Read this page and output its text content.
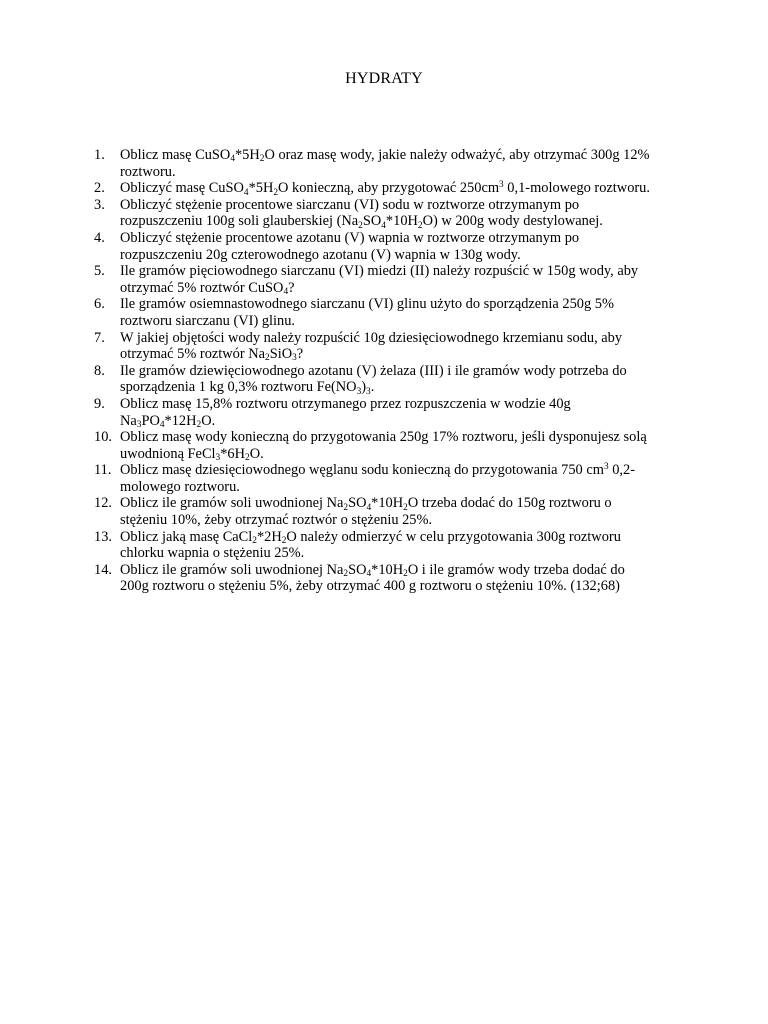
HYDRATY
1.	Oblicz masę $CuSO_4*5H_2O$ oraz masę wody, jakie należy odważyć, aby otrzymać 300g 12%
roztworu.
2.	Obliczyć masę $CuSO_4*5H_2O$ konieczną, aby przygotować $250cm^3$ 0,1-molowego roztworu.
3.	Obliczyć stężenie procentowe siarczanu (VI) sodu w roztworze otrzymanym po
rozpuszczeniu 100g soli glauberskiej $(Na_2SO_4*10H_2O)$ w 200g wody destylowanej.
4.	Obliczyć stężenie procentowe azotanu (V) wapnia w roztworze otrzymanym po
rozpuszczeniu 20g czterowodnego azotanu (V) wapnia w 130g wody.
5.	Ile gramów pięciowodnego siarczanu (VI) miedzi (II) należy rozpuścić w 150g wody, aby
otrzymać 5% roztwór CuSO$_4$?
6.	Ile gramów osiemnastowodnego siarczanu (VI) glinu użyto do sporządzenia 250g 5%
roztworu siarczanu (VI) glinu.
7.	W jakiej objętości wody należy rozpuścić 10g dziesięciowodnego krzemianu sodu, aby
otrzymać 5% roztwór $Na_2SiO_3$?
8.	Ile gramów dziewięciowodnego azotanu (V) żelaza (III) i ile gramów wody potrzeba do
sporządzenia 1 kg 0,3% roztworu $Fe(NO_3)_3$.
9.	Oblicz masę 15,8% roztworu otrzymanego przez rozpuszczenia w wodzie 40g
$Na_3PO_4*12H_2O$.
10. Oblicz masę wody konieczną do przygotowania 250g 17% roztworu, jeśli dysponujesz solą
uwodnioną $FeCl_3*6H_2O$.
11. Oblicz masę dziesięciowodnego węglanu sodu konieczną do przygotowania 750 $cm^3$ 0,2-
molowego roztworu.
12. Oblicz ile gramów soli uwodnionej $Na_2SO_4*10H_2O$ trzeba dodać do 150g roztworu o
stężeniu 10%, żeby otrzymać roztwór o stężeniu 25%.
13. Oblicz jaką masę $CaCl_2*2H_2O$ należy odmierzyć w celu przygotowania 300g roztworu
chlorku wapnia o stężeniu 25%.
14. Oblicz ile gramów soli uwodnionej $Na_2SO_4*10H_2O$ i ile gramów wody trzeba dodać do
200g roztworu o stężeniu 5%, żeby otrzymać 400 g roztworu o stężeniu 10%. (132;68)
